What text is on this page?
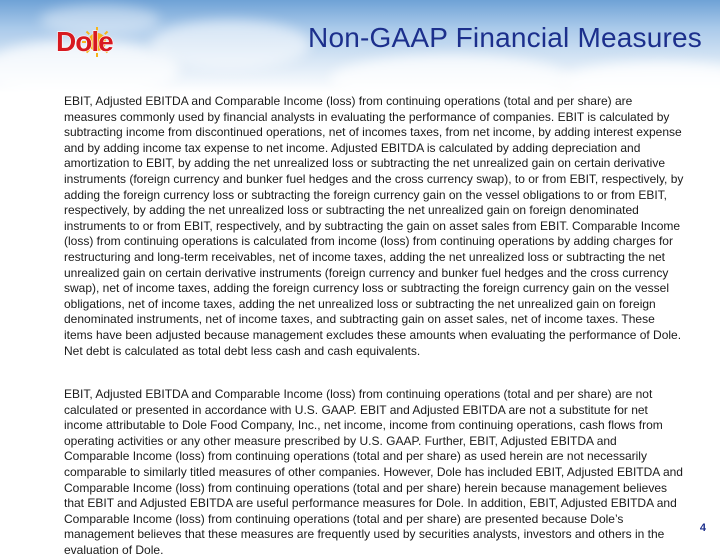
Dole	Non-GAAP Financial Measures

EBIT, Adjusted EBITDA and Comparable Income (loss) from continuing operations (total and per share) are measures commonly used by financial analysts in evaluating the performance of companies. EBIT is calculated by subtracting income from discontinued operations, net of incomes taxes, from net income, by adding interest expense and by adding income tax expense to net income. Adjusted EBITDA is calculated by adding depreciation and amortization to EBIT, by adding the net unrealized loss or subtracting the net unrealized gain on certain derivative instruments (foreign currency and bunker fuel hedges and the cross currency swap), to or from EBIT, respectively, by adding the foreign currency loss or subtracting the foreign currency gain on the vessel obligations to or from EBIT, respectively, by adding the net unrealized loss or subtracting the net unrealized gain on foreign denominated instruments to or from EBIT, respectively, and by subtracting the gain on asset sales from EBIT. Comparable Income (loss) from continuing operations is calculated from income (loss) from continuing operations by adding charges for restructuring and long-term receivables, net of income taxes, adding the net unrealized loss or subtracting the net unrealized gain on certain derivative instruments (foreign currency and bunker fuel hedges and the cross currency swap), net of income taxes, adding the foreign currency loss or subtracting the foreign currency gain on the vessel obligations, net of income taxes, adding the net unrealized loss or subtracting the net unrealized gain on foreign denominated instruments, net of income taxes, and subtracting gain on asset sales, net of income taxes. These items have been adjusted because management excludes these amounts when evaluating the performance of Dole. Net debt is calculated as total debt less cash and cash equivalents.

EBIT, Adjusted EBITDA and Comparable Income (loss) from continuing operations (total and per share) are not calculated or presented in accordance with U.S. GAAP. EBIT and Adjusted EBITDA are not a substitute for net income attributable to Dole Food Company, Inc., net income, income from continuing operations, cash flows from operating activities or any other measure prescribed by U.S. GAAP. Further, EBIT, Adjusted EBITDA and Comparable Income (loss) from continuing operations (total and per share) as used herein are not necessarily comparable to similarly titled measures of other companies. However, Dole has included EBIT, Adjusted EBITDA and Comparable Income (loss) from continuing operations (total and per share) herein because management believes that EBIT and Adjusted EBITDA are useful performance measures for Dole. In addition, EBIT, Adjusted EBITDA and Comparable Income (loss) from continuing operations (total and per share) are presented because Dole’s management believes that these measures are frequently used by securities analysts, investors and others in the evaluation of Dole.

4
